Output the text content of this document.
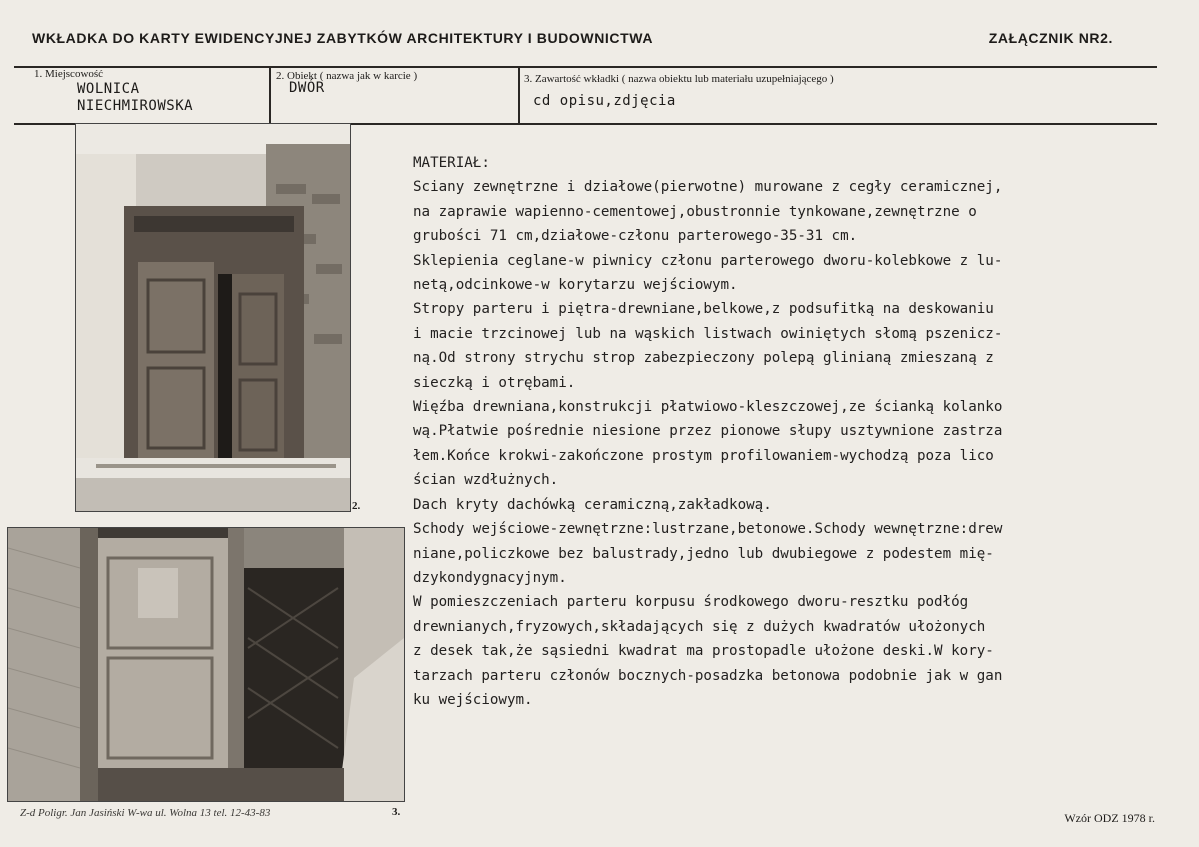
WKŁADKA DO KARTY EWIDENCYJNEJ ZABYTKÓW ARCHITEKTURY I BUDOWNICTWA	ZAŁĄCZNIK NR2.
1. Miejscowość
WOLNICA
NIECHMIROWSKA
2. Obiekt ( nazwa jak w karcie )
DWÓR
3. Zawartość wkładki ( nazwa obiektu lub materiału uzupełniającego )
cd opisu,zdjęcia
2.
MATERIAŁ:
Sciany zewnętrzne i działowe(pierwotne) murowane z cegły ceramicznej,
na zaprawie wapienno-cementowej,obustronnie tynkowane,zewnętrzne o
grubości 71 cm,działowe-członu parterowego-35-31 cm.
Sklepienia ceglane-w piwnicy członu parterowego dworu-kolebkowe z lu-
netą,odcinkowe-w korytarzu wejściowym.
Stropy parteru i piętra-drewniane,belkowe,z podsufitką na deskowaniu
i macie trzcinowej lub na wąskich listwach owiniętych słomą pszenicz-
ną.Od strony strychu strop zabezpieczony polepą glinianą zmieszaną z
sieczką i otrębami.
Więźba drewniana,konstrukcji płatwiowo-kleszczowej,ze ścianką kolanko
wą.Płatwie pośrednie niesione przez pionowe słupy usztywnione zastrza
łem.Końce krokwi-zakończone prostym profilowaniem-wychodzą poza lico
ścian wzdłużnych.
Dach kryty dachówką ceramiczną,zakładkową.
Schody wejściowe-zewnętrzne:lustrzane,betonowe.Schody wewnętrzne:drew
niane,policzkowe bez balustrady,jedno lub dwubiegowe z podestem mię-
dzykondygnacyjnym.
W pomieszczeniach parteru korpusu środkowego dworu-resztku podłóg
drewnianych,fryzowych,składających się z dużych kwadratów ułożonych
z desek tak,że sąsiedni kwadrat ma prostopadle ułożone deski.W kory-
tarzach parteru członów bocznych-posadzka betonowa podobnie jak w gan
ku wejściowym.
Z-d Poligr. Jan Jasiński W-wa ul. Wolna 13 tel. 12-43-83	3.	Wzór ODZ 1978 r.
